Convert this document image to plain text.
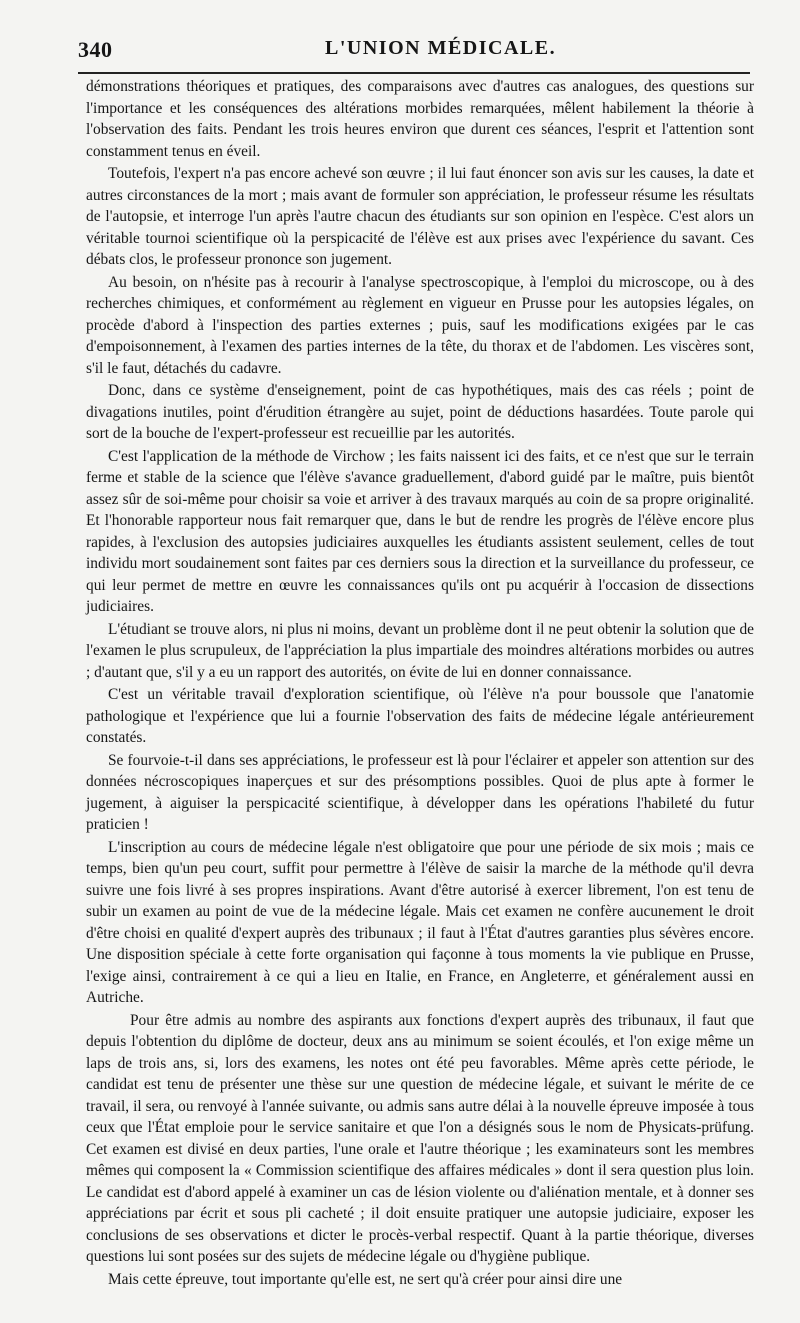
340	L'UNION MÉDICALE.

démonstrations théoriques et pratiques, des comparaisons avec d'autres cas analogues, des questions sur l'importance et les conséquences des altérations morbides remarquées, mêlent habilement la théorie à l'observation des faits. Pendant les trois heures environ que durent ces séances, l'esprit et l'attention sont constamment tenus en éveil.

Toutefois, l'expert n'a pas encore achevé son œuvre ; il lui faut énoncer son avis sur les causes, la date et autres circonstances de la mort ; mais avant de formuler son appréciation, le professeur résume les résultats de l'autopsie, et interroge l'un après l'autre chacun des étudiants sur son opinion en l'espèce. C'est alors un véritable tournoi scientifique où la perspicacité de l'élève est aux prises avec l'expérience du savant. Ces débats clos, le professeur prononce son jugement.

Au besoin, on n'hésite pas à recourir à l'analyse spectroscopique, à l'emploi du microscope, ou à des recherches chimiques, et conformément au règlement en vigueur en Prusse pour les autopsies légales, on procède d'abord à l'inspection des parties externes ; puis, sauf les modifications exigées par le cas d'empoisonnement, à l'examen des parties internes de la tête, du thorax et de l'abdomen. Les viscères sont, s'il le faut, détachés du cadavre.

Donc, dans ce système d'enseignement, point de cas hypothétiques, mais des cas réels ; point de divagations inutiles, point d'érudition étrangère au sujet, point de déductions hasardées. Toute parole qui sort de la bouche de l'expert-professeur est recueillie par les autorités.

C'est l'application de la méthode de Virchow ; les faits naissent ici des faits, et ce n'est que sur le terrain ferme et stable de la science que l'élève s'avance graduellement, d'abord guidé par le maître, puis bientôt assez sûr de soi-même pour choisir sa voie et arriver à des travaux marqués au coin de sa propre originalité. Et l'honorable rapporteur nous fait remarquer que, dans le but de rendre les progrès de l'élève encore plus rapides, à l'exclusion des autopsies judiciaires auxquelles les étudiants assistent seulement, celles de tout individu mort soudainement sont faites par ces derniers sous la direction et la surveillance du professeur, ce qui leur permet de mettre en œuvre les connaissances qu'ils ont pu acquérir à l'occasion de dissections judiciaires.

L'étudiant se trouve alors, ni plus ni moins, devant un problème dont il ne peut obtenir la solution que de l'examen le plus scrupuleux, de l'appréciation la plus impartiale des moindres altérations morbides ou autres ; d'autant que, s'il y a eu un rapport des autorités, on évite de lui en donner connaissance.

C'est un véritable travail d'exploration scientifique, où l'élève n'a pour boussole que l'anatomie pathologique et l'expérience que lui a fournie l'observation des faits de médecine légale antérieurement constatés.

Se fourvoie-t-il dans ses appréciations, le professeur est là pour l'éclairer et appeler son attention sur des données nécroscopiques inaperçues et sur des présomptions possibles. Quoi de plus apte à former le jugement, à aiguiser la perspicacité scientifique, à développer dans les opérations l'habileté du futur praticien !

L'inscription au cours de médecine légale n'est obligatoire que pour une période de six mois ; mais ce temps, bien qu'un peu court, suffit pour permettre à l'élève de saisir la marche de la méthode qu'il devra suivre une fois livré à ses propres inspirations. Avant d'être autorisé à exercer librement, l'on est tenu de subir un examen au point de vue de la médecine légale. Mais cet examen ne confère aucunement le droit d'être choisi en qualité d'expert auprès des tribunaux ; il faut à l'État d'autres garanties plus sévères encore. Une disposition spéciale à cette forte organisation qui façonne à tous moments la vie publique en Prusse, l'exige ainsi, contrairement à ce qui a lieu en Italie, en France, en Angleterre, et généralement aussi en Autriche.

Pour être admis au nombre des aspirants aux fonctions d'expert auprès des tribunaux, il faut que depuis l'obtention du diplôme de docteur, deux ans au minimum se soient écoulés, et l'on exige même un laps de trois ans, si, lors des examens, les notes ont été peu favorables. Même après cette période, le candidat est tenu de présenter une thèse sur une question de médecine légale, et suivant le mérite de ce travail, il sera, ou renvoyé à l'année suivante, ou admis sans autre délai à la nouvelle épreuve imposée à tous ceux que l'État emploie pour le service sanitaire et que l'on a désignés sous le nom de Physicats-prüfung. Cet examen est divisé en deux parties, l'une orale et l'autre théorique ; les examinateurs sont les membres mêmes qui composent la « Commission scientifique des affaires médicales » dont il sera question plus loin. Le candidat est d'abord appelé à examiner un cas de lésion violente ou d'aliénation mentale, et à donner ses appréciations par écrit et sous pli cacheté ; il doit ensuite pratiquer une autopsie judiciaire, exposer les conclusions de ses observations et dicter le procès-verbal respectif. Quant à la partie théorique, diverses questions lui sont posées sur des sujets de médecine légale ou d'hygiène publique.

Mais cette épreuve, tout importante qu'elle est, ne sert qu'à créer pour ainsi dire une
